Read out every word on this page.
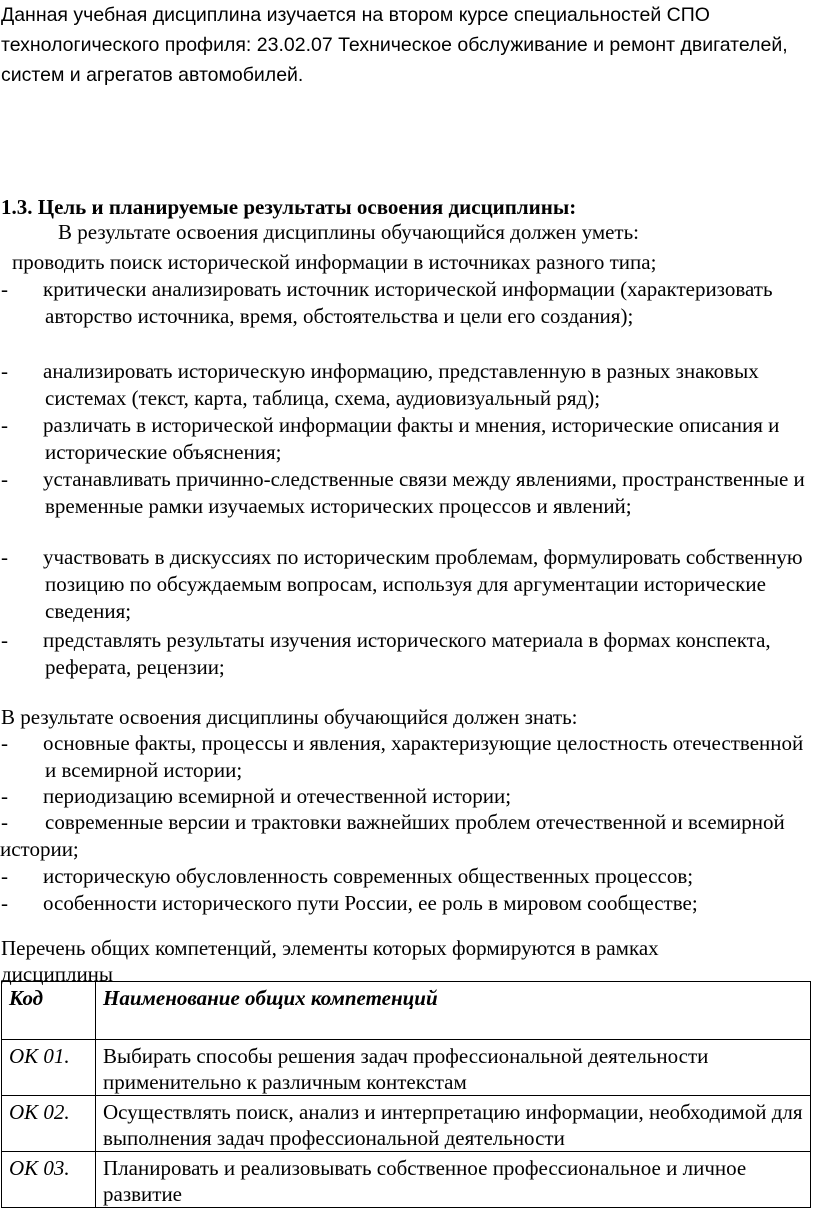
Данная учебная дисциплина изучается на втором курсе специальностей СПО технологического профиля: 23.02.07 Техническое обслуживание и ремонт двигателей, систем и агрегатов автомобилей.
1.3. Цель и планируемые результаты освоения дисциплины:
В результате освоения дисциплины обучающийся должен уметь:
проводить поиск исторической информации в источниках разного типа;
-	критически анализировать источник исторической информации (характеризовать авторство источника, время, обстоятельства и цели его создания);
-	анализировать историческую информацию, представленную в разных знаковых системах (текст, карта, таблица, схема, аудиовизуальный ряд);
-	различать в исторической информации факты и мнения, исторические описания и исторические объяснения;
-	устанавливать причинно-следственные связи между явлениями, пространственные и временные рамки изучаемых исторических процессов и явлений;
-	участвовать в дискуссиях по историческим проблемам, формулировать собственную позицию по обсуждаемым вопросам, используя для аргументации исторические сведения;
-	представлять результаты изучения исторического материала в формах конспекта, реферата, рецензии;
В результате освоения дисциплины обучающийся должен знать:
-	основные факты, процессы и явления, характеризующие целостность отечественной и всемирной истории;
-	периодизацию всемирной и отечественной истории;
-	современные версии и трактовки важнейших проблем отечественной и всемирной истории;
-	историческую обусловленность современных общественных процессов;
-	особенности исторического пути России, ее роль в мировом сообществе;
Перечень общих компетенций, элементы которых формируются в рамках дисциплины
Код	Наименование общих компетенций
ОК 01.	Выбирать способы решения задач профессиональной деятельности применительно к различным контекстам
ОК 02.	Осуществлять поиск, анализ и интерпретацию информации, необходимой для выполнения задач профессиональной деятельности
ОК 03.	Планировать и реализовывать собственное профессиональное и личное развитие
